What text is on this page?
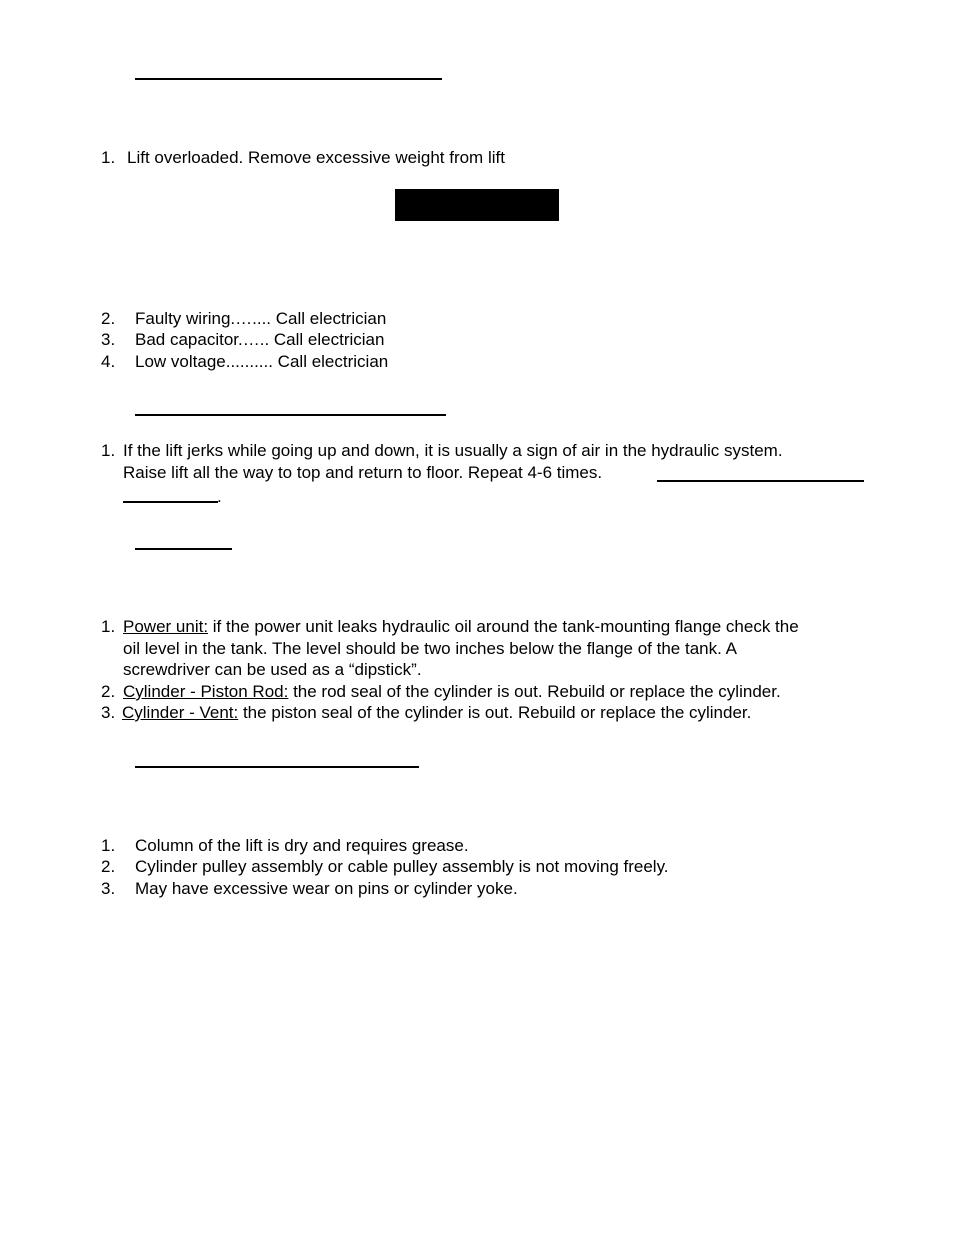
1. Lift overloaded. Remove excessive weight from lift
2. Faulty wiring.….... Call electrician
3. Bad capacitor.….. Call electrician
4. Low voltage.......... Call electrician
1. If the lift jerks while going up and down, it is usually a sign of air in the hydraulic system.
Raise lift all the way to top and return to floor. Repeat 4-6 times.
.
1. Power unit: if the power unit leaks hydraulic oil around the tank-mounting flange check the
oil level in the tank. The level should be two inches below the flange of the tank. A
screwdriver can be used as a “dipstick”.
2. Cylinder - Piston Rod: the rod seal of the cylinder is out. Rebuild or replace the cylinder.
3. Cylinder - Vent: the piston seal of the cylinder is out. Rebuild or replace the cylinder.
1. Column of the lift is dry and requires grease.
2. Cylinder pulley assembly or cable pulley assembly is not moving freely.
3. May have excessive wear on pins or cylinder yoke.
